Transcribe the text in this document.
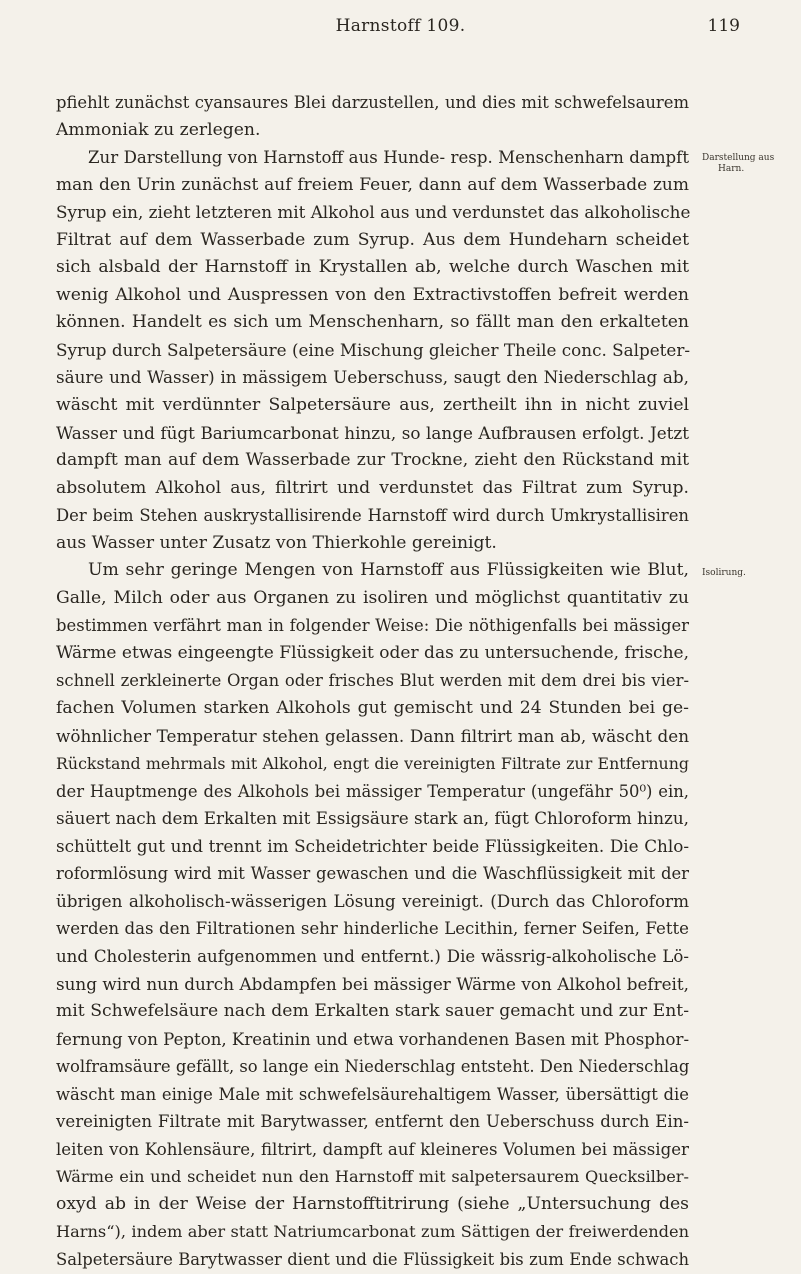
Harnstoff 109.	119
Darstellung aus
Harn.
Isolirung.
pfiehlt zunächst cyansaures Blei darzustellen, und dies mit schwefelsaurem
Ammoniak zu zerlegen.
Zur Darstellung von Harnstoff aus Hunde- resp. Menschenharn dampft
man den Urin zunächst auf freiem Feuer, dann auf dem Wasserbade zum
Syrup ein, zieht letzteren mit Alkohol aus und verdunstet das alkoholische
Filtrat auf dem Wasserbade zum Syrup. Aus dem Hundeharn scheidet
sich alsbald der Harnstoff in Krystallen ab, welche durch Waschen mit
wenig Alkohol und Auspressen von den Extractivstoffen befreit werden
können. Handelt es sich um Menschenharn, so fällt man den erkalteten
Syrup durch Salpetersäure (eine Mischung gleicher Theile conc. Salpeter-
säure und Wasser) in mässigem Ueberschuss, saugt den Niederschlag ab,
wäscht mit verdünnter Salpetersäure aus, zertheilt ihn in nicht zuviel
Wasser und fügt Bariumcarbonat hinzu, so lange Aufbrausen erfolgt. Jetzt
dampft man auf dem Wasserbade zur Trockne, zieht den Rückstand mit
absolutem Alkohol aus, filtrirt und verdunstet das Filtrat zum Syrup.
Der beim Stehen auskrystallisirende Harnstoff wird durch Umkrystallisiren
aus Wasser unter Zusatz von Thierkohle gereinigt.
Um sehr geringe Mengen von Harnstoff aus Flüssigkeiten wie Blut,
Galle, Milch oder aus Organen zu isoliren und möglichst quantitativ zu
bestimmen verfährt man in folgender Weise: Die nöthigenfalls bei mässiger
Wärme etwas eingeengte Flüssigkeit oder das zu untersuchende, frische,
schnell zerkleinerte Organ oder frisches Blut werden mit dem drei bis vier-
fachen Volumen starken Alkohols gut gemischt und 24 Stunden bei ge-
wöhnlicher Temperatur stehen gelassen. Dann filtrirt man ab, wäscht den
Rückstand mehrmals mit Alkohol, engt die vereinigten Filtrate zur Entfernung
der Hauptmenge des Alkohols bei mässiger Temperatur (ungefähr 50⁰) ein,
säuert nach dem Erkalten mit Essigsäure stark an, fügt Chloroform hinzu,
schüttelt gut und trennt im Scheidetrichter beide Flüssigkeiten. Die Chlo-
roformlösung wird mit Wasser gewaschen und die Waschflüssigkeit mit der
übrigen alkoholisch-wässerigen Lösung vereinigt. (Durch das Chloroform
werden das den Filtrationen sehr hinderliche Lecithin, ferner Seifen, Fette
und Cholesterin aufgenommen und entfernt.) Die wässrig-alkoholische Lö-
sung wird nun durch Abdampfen bei mässiger Wärme von Alkohol befreit,
mit Schwefelsäure nach dem Erkalten stark sauer gemacht und zur Ent-
fernung von Pepton, Kreatinin und etwa vorhandenen Basen mit Phosphor-
wolframsäure gefällt, so lange ein Niederschlag entsteht. Den Niederschlag
wäscht man einige Male mit schwefelsäurehaltigem Wasser, übersättigt die
vereinigten Filtrate mit Barytwasser, entfernt den Ueberschuss durch Ein-
leiten von Kohlensäure, filtrirt, dampft auf kleineres Volumen bei mässiger
Wärme ein und scheidet nun den Harnstoff mit salpetersaurem Quecksilber-
oxyd ab in der Weise der Harnstofftitrirung (siehe „Untersuchung des
Harns“), indem aber statt Natriumcarbonat zum Sättigen der freiwerdenden
Salpetersäure Barytwasser dient und die Flüssigkeit bis zum Ende schwach
